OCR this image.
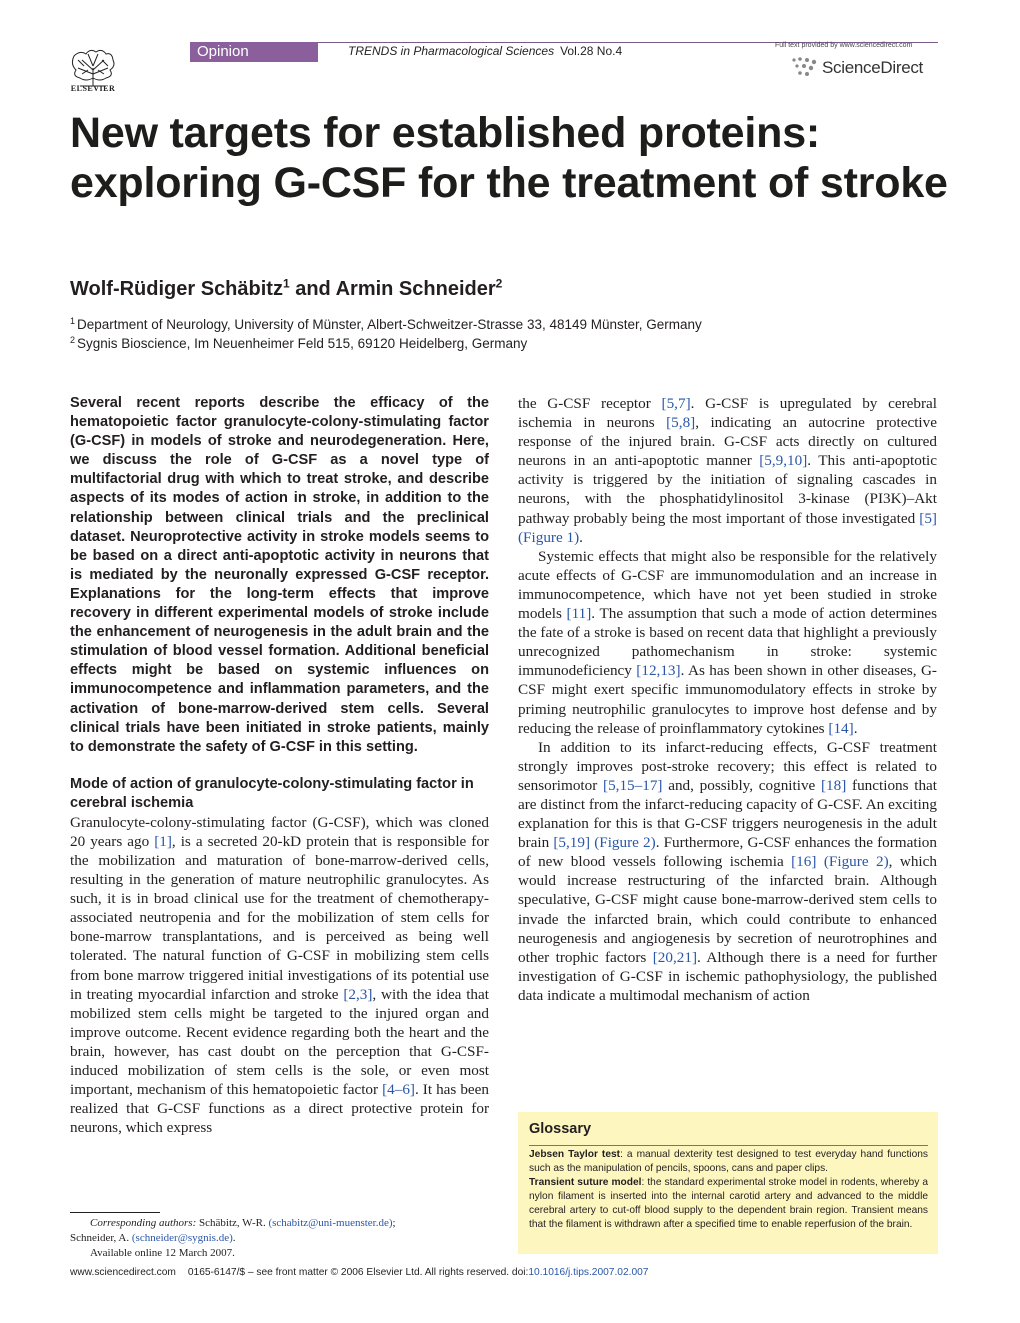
ELSEVIER
Opinion	TRENDS in Pharmacological Sciences Vol.28 No.4	Full text provided by www.sciencedirect.com
ScienceDirect
New targets for established proteins: exploring G-CSF for the treatment of stroke
Wolf-Rüdiger Schäbitz$^1$ and Armin Schneider$^2$
$^1$ Department of Neurology, University of Münster, Albert-Schweitzer-Strasse 33, 48149 Münster, Germany
$^2$ Sygnis Bioscience, Im Neuenheimer Feld 515, 69120 Heidelberg, Germany

Several recent reports describe the efficacy of the hematopoietic factor granulocyte-colony-stimulating factor (G-CSF) in models of stroke and neurodegeneration. Here, we discuss the role of G-CSF as a novel type of multifactorial drug with which to treat stroke, and describe aspects of its modes of action in stroke, in addition to the relationship between clinical trials and the preclinical dataset. Neuroprotective activity in stroke models seems to be based on a direct anti-apoptotic activity in neurons that is mediated by the neuronally expressed G-CSF receptor. Explanations for the long-term effects that improve recovery in different experimental models of stroke include the enhancement of neurogenesis in the adult brain and the stimulation of blood vessel formation. Additional beneficial effects might be based on systemic influences on immunocompetence and inflammation parameters, and the activation of bone-marrow-derived stem cells. Several clinical trials have been initiated in stroke patients, mainly to demonstrate the safety of G-CSF in this setting.

Mode of action of granulocyte-colony-stimulating factor in cerebral ischemia

Granulocyte-colony-stimulating factor (G-CSF), which was cloned 20 years ago [1], is a secreted 20-kD protein that is responsible for the mobilization and maturation of bone-marrow-derived cells, resulting in the generation of mature neutrophilic granulocytes. As such, it is in broad clinical use for the treatment of chemotherapy-associated neutropenia and for the mobilization of stem cells for bone-marrow transplantations, and is perceived as being well tolerated. The natural function of G-CSF in mobilizing stem cells from bone marrow triggered initial investigations of its potential use in treating myocardial infarction and stroke [2,3], with the idea that mobilized stem cells might be targeted to the injured organ and improve outcome. Recent evidence regarding both the heart and the brain, however, has cast doubt on the perception that G-CSF-induced mobilization of stem cells is the sole, or even most important, mechanism of this hematopoietic factor [4–6]. It has been realized that G-CSF functions as a direct protective protein for neurons, which express

the G-CSF receptor [5,7]. G-CSF is upregulated by cerebral ischemia in neurons [5,8], indicating an autocrine protective response of the injured brain. G-CSF acts directly on cultured neurons in an anti-apoptotic manner [5,9,10]. This anti-apoptotic activity is triggered by the initiation of signaling cascades in neurons, with the phosphatidylinositol 3-kinase (PI3K)–Akt pathway probably being the most important of those investigated [5] (Figure 1).

Systemic effects that might also be responsible for the relatively acute effects of G-CSF are immunomodulation and an increase in immunocompetence, which have not yet been studied in stroke models [11]. The assumption that such a mode of action determines the fate of a stroke is based on recent data that highlight a previously unrecognized pathomechanism in stroke: systemic immunodeficiency [12,13]. As has been shown in other diseases, G-CSF might exert specific immunomodulatory effects in stroke by priming neutrophilic granulocytes to improve host defense and by reducing the release of proinflammatory cytokines [14].

In addition to its infarct-reducing effects, G-CSF treatment strongly improves post-stroke recovery; this effect is related to sensorimotor [5,15–17] and, possibly, cognitive [18] functions that are distinct from the infarct-reducing capacity of G-CSF. An exciting explanation for this is that G-CSF triggers neurogenesis in the adult brain [5,19] (Figure 2). Furthermore, G-CSF enhances the formation of new blood vessels following ischemia [16] (Figure 2), which would increase restructuring of the infarcted brain. Although speculative, G-CSF might cause bone-marrow-derived stem cells to invade the infarcted brain, which could contribute to enhanced neurogenesis and angiogenesis by secretion of neurotrophines and other trophic factors [20,21]. Although there is a need for further investigation of G-CSF in ischemic pathophysiology, the published data indicate a multimodal mechanism of action

Corresponding authors: Schäbitz, W-R. (schabitz@uni-muenster.de);
Schneider, A. (schneider@sygnis.de).
Available online 12 March 2007.
Glossary
Jebsen Taylor test: a manual dexterity test designed to test everyday hand functions such as the manipulation of pencils, spoons, cans and paper clips.
Transient suture model: the standard experimental stroke model in rodents, whereby a nylon filament is inserted into the internal carotid artery and advanced to the middle cerebral artery to cut-off blood supply to the dependent brain region. Transient means that the filament is withdrawn after a specified time to enable reperfusion of the brain.
www.sciencedirect.com 0165-6147/$ – see front matter © 2006 Elsevier Ltd. All rights reserved. doi:10.1016/j.tips.2007.02.007
